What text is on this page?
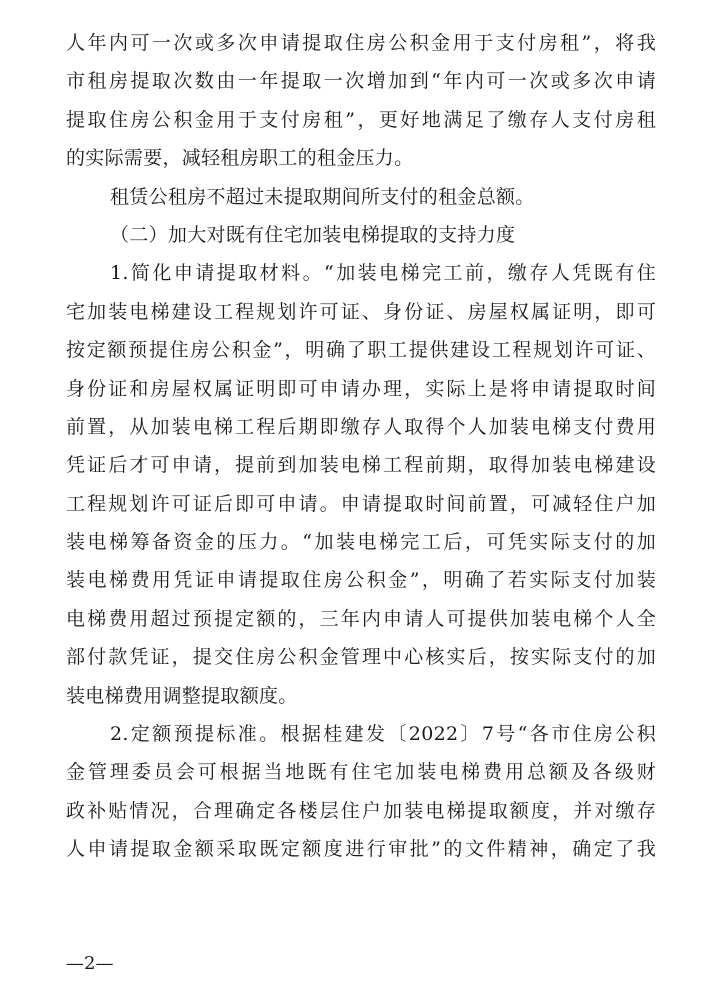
人年内可一次或多次申请提取住房公积金用于支付房租”，将我
市租房提取次数由一年提取一次增加到“年内可一次或多次申请
提取住房公积金用于支付房租”，更好地满足了缴存人支付房租
的实际需要，减轻租房职工的租金压力。
租赁公租房不超过未提取期间所支付的租金总额。
（二）加大对既有住宅加装电梯提取的支持力度
1.简化申请提取材料。“加装电梯完工前，缴存人凭既有住
宅加装电梯建设工程规划许可证、身份证、房屋权属证明，即可
按定额预提住房公积金”，明确了职工提供建设工程规划许可证、
身份证和房屋权属证明即可申请办理，实际上是将申请提取时间
前置，从加装电梯工程后期即缴存人取得个人加装电梯支付费用
凭证后才可申请，提前到加装电梯工程前期，取得加装电梯建设
工程规划许可证后即可申请。申请提取时间前置，可减轻住户加
装电梯筹备资金的压力。“加装电梯完工后，可凭实际支付的加
装电梯费用凭证申请提取住房公积金”，明确了若实际支付加装
电梯费用超过预提定额的，三年内申请人可提供加装电梯个人全
部付款凭证，提交住房公积金管理中心核实后，按实际支付的加
装电梯费用调整提取额度。
2.定额预提标准。根据桂建发〔2022〕7号“各市住房公积
金管理委员会可根据当地既有住宅加装电梯费用总额及各级财
政补贴情况，合理确定各楼层住户加装电梯提取额度，并对缴存
人申请提取金额采取既定额度进行审批”的文件精神，确定了我
—2—
